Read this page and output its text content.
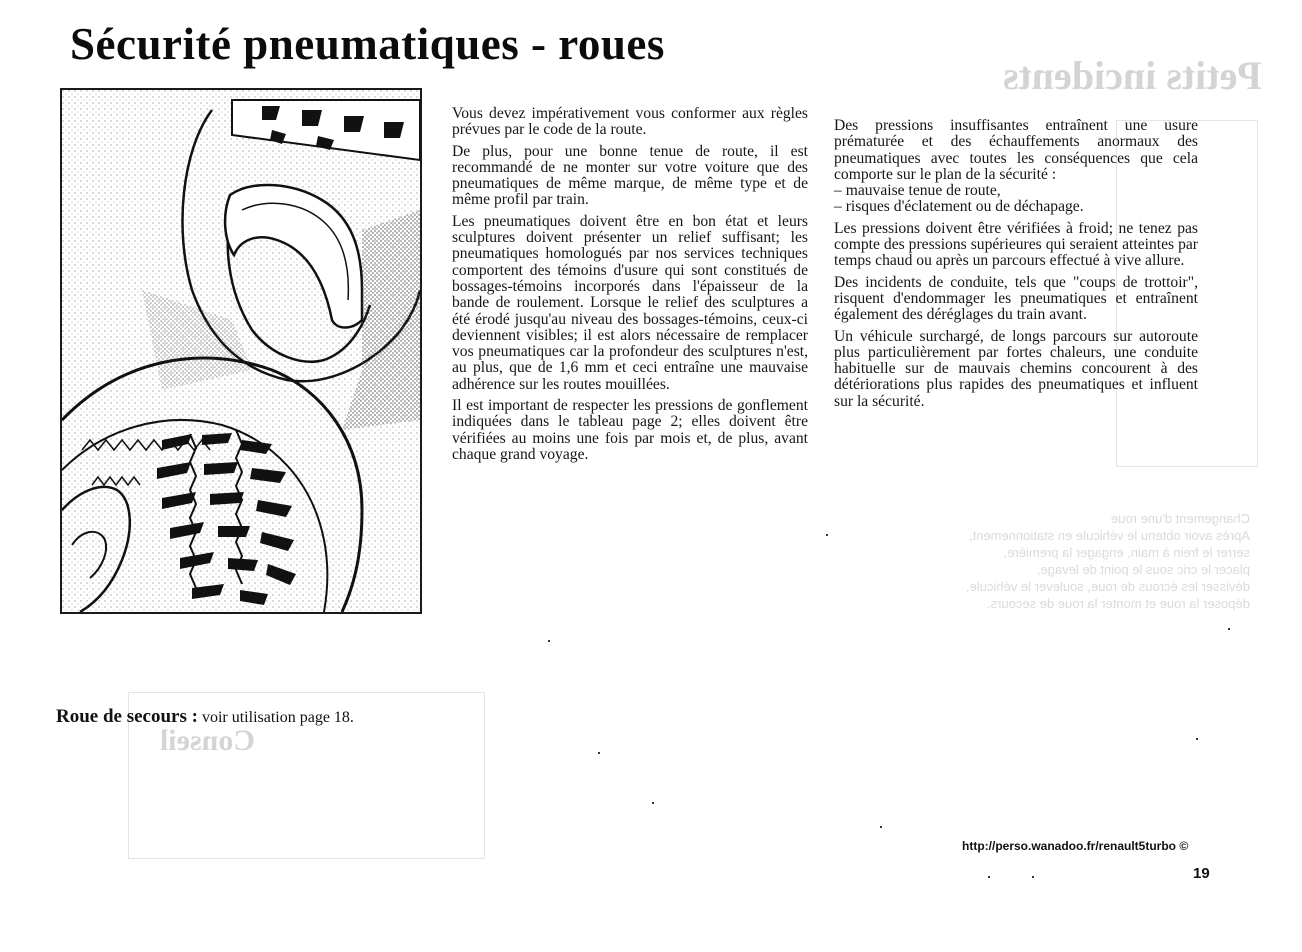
Petits incidents
Conseil
Changement d'une roue
Après avoir obtenu le véhicule en stationnement,
serrer le frein à main, engager la première,
placer le cric sous le point de levage,
dévisser les écrous de roue, soulever le véhicule,
déposer la roue et monter la roue de secours.
Sécurité pneumatiques - roues

Vous devez impérativement vous conformer aux règles prévues par le code de la route.

De plus, pour une bonne tenue de route, il est recommandé de ne monter sur votre voiture que des pneumatiques de même marque, de même type et de même profil par train.

Les pneumatiques doivent être en bon état et leurs sculptures doivent présenter un relief suffisant; les pneumatiques homologués par nos services techniques comportent des témoins d'usure qui sont constitués de bossages-témoins incorporés dans l'épaisseur de la bande de roulement. Lorsque le relief des sculptures a été érodé jusqu'au niveau des bossages-témoins, ceux-ci deviennent visibles; il est alors nécessaire de remplacer vos pneumatiques car la profondeur des sculptures n'est, au plus, que de 1,6 mm et ceci entraîne une mauvaise adhérence sur les routes mouillées.

Il est important de respecter les pressions de gonflement indiquées dans le tableau page 2; elles doivent être vérifiées au moins une fois par mois et, de plus, avant chaque grand voyage.

Des pressions insuffisantes entraînent une usure prématurée et des échauffements anormaux des pneumatiques avec toutes les conséquences que cela comporte sur le plan de la sécurité :

– mauvaise tenue de route,
– risques d'éclatement ou de déchapage.

Les pressions doivent être vérifiées à froid; ne tenez pas compte des pressions supérieures qui seraient atteintes par temps chaud ou après un parcours effectué à vive allure.

Des incidents de conduite, tels que "coups de trottoir", risquent d'endommager les pneumatiques et entraînent également des déréglages du train avant.

Un véhicule surchargé, de longs parcours sur autoroute plus particulièrement par fortes chaleurs, une conduite habituelle sur de mauvais chemins concourent à des détériorations plus rapides des pneumatiques et influent sur la sécurité.

Roue de secours : voir utilisation page 18.
http://perso.wanadoo.fr/renault5turbo ©
19
